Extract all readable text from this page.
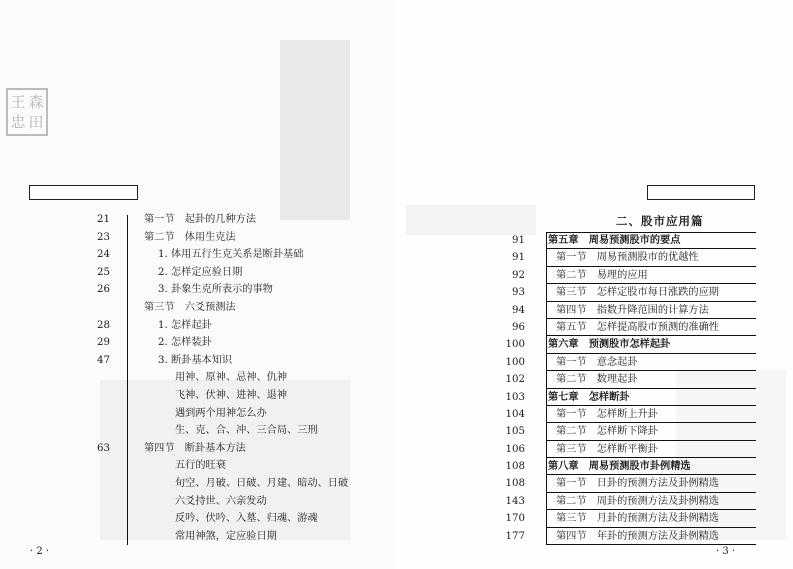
王 森
忠 田
21	第一节　起卦的几种方法
23	第二节　体用生克法
24	1. 体用五行生克关系是断卦基础
25	2. 怎样定应验日期
26	3. 卦象生克所表示的事物
第三节　六爻预测法
28	1. 怎样起卦
29	2. 怎样装卦
47	3. 断卦基本知识
用神、原神、忌神、仇神
飞神、伏神、进神、退神
遇到两个用神怎么办
生、克、合、冲、三合局、三刑
63	第四节　断卦基本方法
五行的旺衰
旬空、月破、日破、月建、暗动、日破
六爻持世、六亲发动
反吟、伏吟、入墓、归魂、游魂
常用神煞，定应验日期
· 2 ·
二、股市应用篇
91 第五章　周易预测股市的要点
91	第一节　周易预测股市的优越性
92	第二节　易理的应用
93	第三节　怎样定股市每日涨跌的应期
94	第四节　指数升降范围的计算方法
96	第五节　怎样提高股市预测的准确性
100 第六章　预测股市怎样起卦
100	第一节　意念起卦
102	第二节　数理起卦
103 第七章　怎样断卦
104	第一节　怎样断上升卦
105	第二节　怎样断下降卦
106	第三节　怎样断平衡卦
108 第八章　周易预测股市卦例精选
108	第一节　日卦的预测方法及卦例精选
143	第二节　周卦的预测方法及卦例精选
170	第三节　月卦的预测方法及卦例精选
177	第四节　年卦的预测方法及卦例精选
· 3 ·
